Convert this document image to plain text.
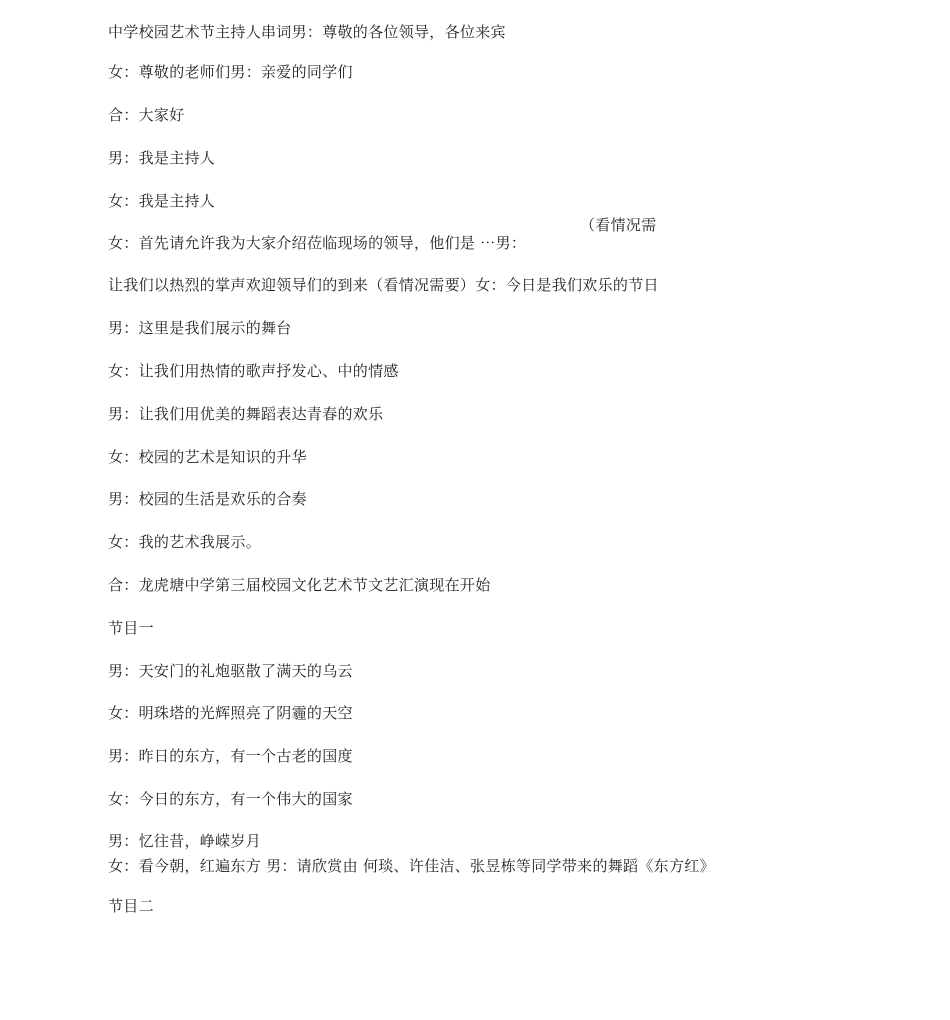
中学校园艺术节主持人串词男：尊敬的各位领导，各位来宾
女：尊敬的老师们男：亲爱的同学们
合：大家好
男：我是主持人
女：我是主持人
（看情况需
女：首先请允许我为大家介绍莅临现场的领导，他们是 ⋯男：
让我们以热烈的掌声欢迎领导们的到来（看情况需要）女：今日是我们欢乐的节日
男：这里是我们展示的舞台
女：让我们用热情的歌声抒发心、中的情感
男：让我们用优美的舞蹈表达青春的欢乐
女：校园的艺术是知识的升华
男：校园的生活是欢乐的合奏
女：我的艺术我展示。
合：龙虎塘中学第三届校园文化艺术节文艺汇演现在开始
节目一
男：天安门的礼炮驱散了满天的乌云
女：明珠塔的光辉照亮了阴霾的天空
男：昨日的东方，有一个古老的国度
女：今日的东方，有一个伟大的国家
男：忆往昔，峥嵘岁月
女：看今朝，红遍东方 男：请欣赏由 何琰、许佳洁、张昱栋等同学带来的舞蹈《东方红》
节目二
